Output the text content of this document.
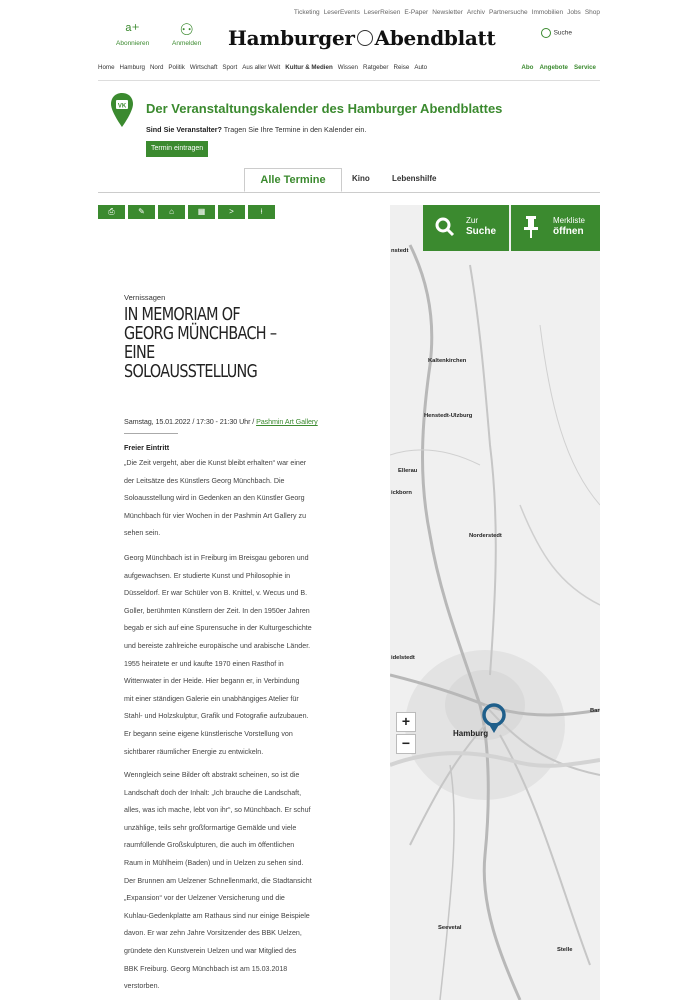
Ticketing LeserEvents LeserReisen E-Paper Newsletter Archiv Partnersuche Immobilien Jobs Shop
ᵃ⁺
Abonnieren
⚇
Anmelden Hamburger Abendblatt	Suche
Home Hamburg Nord Politik Wirtschaft Sport Aus aller Welt Kultur & Medien Wissen Ratgeber Reise Auto	Abo Angebote Service
VK Der Veranstaltungskalender des Hamburger Abendblattes
Sind Sie Veranstalter? Tragen Sie Ihre Termine in den Kalender ein.
Termin eintragen
Alle Termine	Kino	Lebenshilfe
⎙	✎	⌂	▦	>	⍿
Vernissagen
IN MEMORIAM OF
GEORG MÜNCHBACH –
EINE
SOLOAUSSTELLUNG
Samstag, 15.01.2022 / 17:30 - 21:30 Uhr / Pashmin Art Gallery
Freier Eintritt
„Die Zeit vergeht, aber die Kunst bleibt erhalten“ war einer
der Leitsätze des Künstlers Georg Münchbach. Die
Soloausstellung wird in Gedenken an den Künstler Georg
Münchbach für vier Wochen in der Pashmin Art Gallery zu
sehen sein.
Georg Münchbach ist in Freiburg im Breisgau geboren und
aufgewachsen. Er studierte Kunst und Philosophie in
Düsseldorf. Er war Schüler von B. Knittel, v. Wecus und B.
Goller, berühmten Künstlern der Zeit. In den 1950er Jahren
begab er sich auf eine Spurensuche in der Kulturgeschichte
und bereiste zahlreiche europäische und arabische Länder.
1955 heiratete er und kaufte 1970 einen Rasthof in
Wittenwater in der Heide. Hier begann er, in Verbindung
mit einer ständigen Galerie ein unabhängiges Atelier für
Stahl- und Holzskulptur, Grafik und Fotografie aufzubauen.
Er begann seine eigene künstlerische Vorstellung von
sichtbarer räumlicher Energie zu entwickeln.
Wenngleich seine Bilder oft abstrakt scheinen, so ist die
Landschaft doch der Inhalt: „Ich brauche die Landschaft,
alles, was ich mache, lebt von ihr“, so Münchbach. Er schuf
unzählige, teils sehr großformartige Gemälde und viele
raumfüllende Großskulpturen, die auch im öffentlichen
Raum in Mühlheim (Baden) und in Uelzen zu sehen sind.
Der Brunnen am Uelzener Schnellenmarkt, die Stadtansicht
„Expansion“ vor der Uelzener Versicherung und die
Kuhlau-Gedenkplatte am Rathaus sind nur einige Beispiele
davon. Er war zehn Jahre Vorsitzender des BBK Uelzen,
gründete den Kunstverein Uelzen und war Mitglied des
BBK Freiburg. Georg Münchbach ist am 15.03.2018
verstorben.
Zur
Suche
Merkliste
öffnen
nstedt
Kaltenkirchen
Henstedt-Ulzburg
Ellerau
ickborn
Norderstedt
idelstedt
Hamburg
Bar
Seevetal
Stelle
+
−
